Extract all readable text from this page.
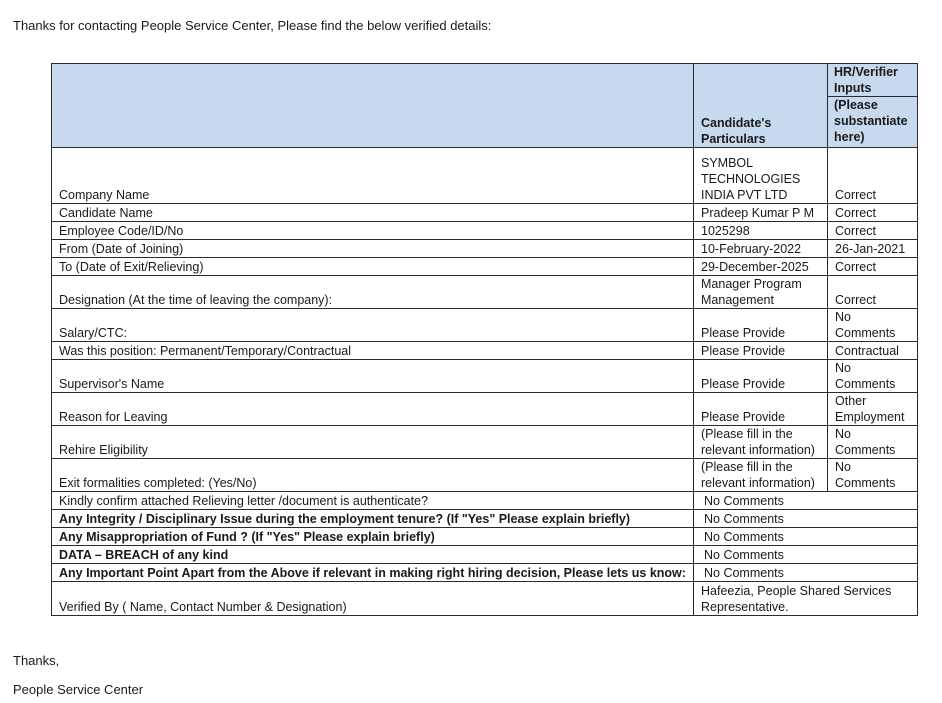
Thanks for contacting People Service Center, Please find the below verified details:
	Candidate's Particulars	HR/Verifier Inputs
(Please substantiate here)

Company Name	SYMBOL TECHNOLOGIES INDIA PVT LTD	Correct
Candidate Name	Pradeep Kumar P M	Correct
Employee Code/ID/No	1025298	Correct
From (Date of Joining)	10-February-2022	26-Jan-2021
To (Date of Exit/Relieving)	29-December-2025	Correct
Designation (At the time of leaving the company):	Manager Program Management	Correct
Salary/CTC:	Please Provide	No Comments
Was this position: Permanent/Temporary/Contractual	Please Provide	Contractual
Supervisor's Name	Please Provide	No Comments
Reason for Leaving	Please Provide	Other Employment
Rehire Eligibility	(Please fill in the relevant information)	No Comments
Exit formalities completed: (Yes/No)	(Please fill in the relevant information)	No Comments
Kindly confirm attached Relieving letter /document is authenticate?	No Comments	
Any Integrity / Disciplinary Issue during the employment tenure? (If "Yes" Please explain briefly)	No Comments	
Any Misappropriation of Fund ? (If "Yes" Please explain briefly)	No Comments	
DATA – BREACH of any kind	No Comments	
Any Important Point Apart from the Above if relevant in making right hiring decision, Please lets us know:	No Comments	
Verified By ( Name, Contact Number & Designation)	Hafeezia, People Shared Services Representative.	
Thanks,
People Service Center
